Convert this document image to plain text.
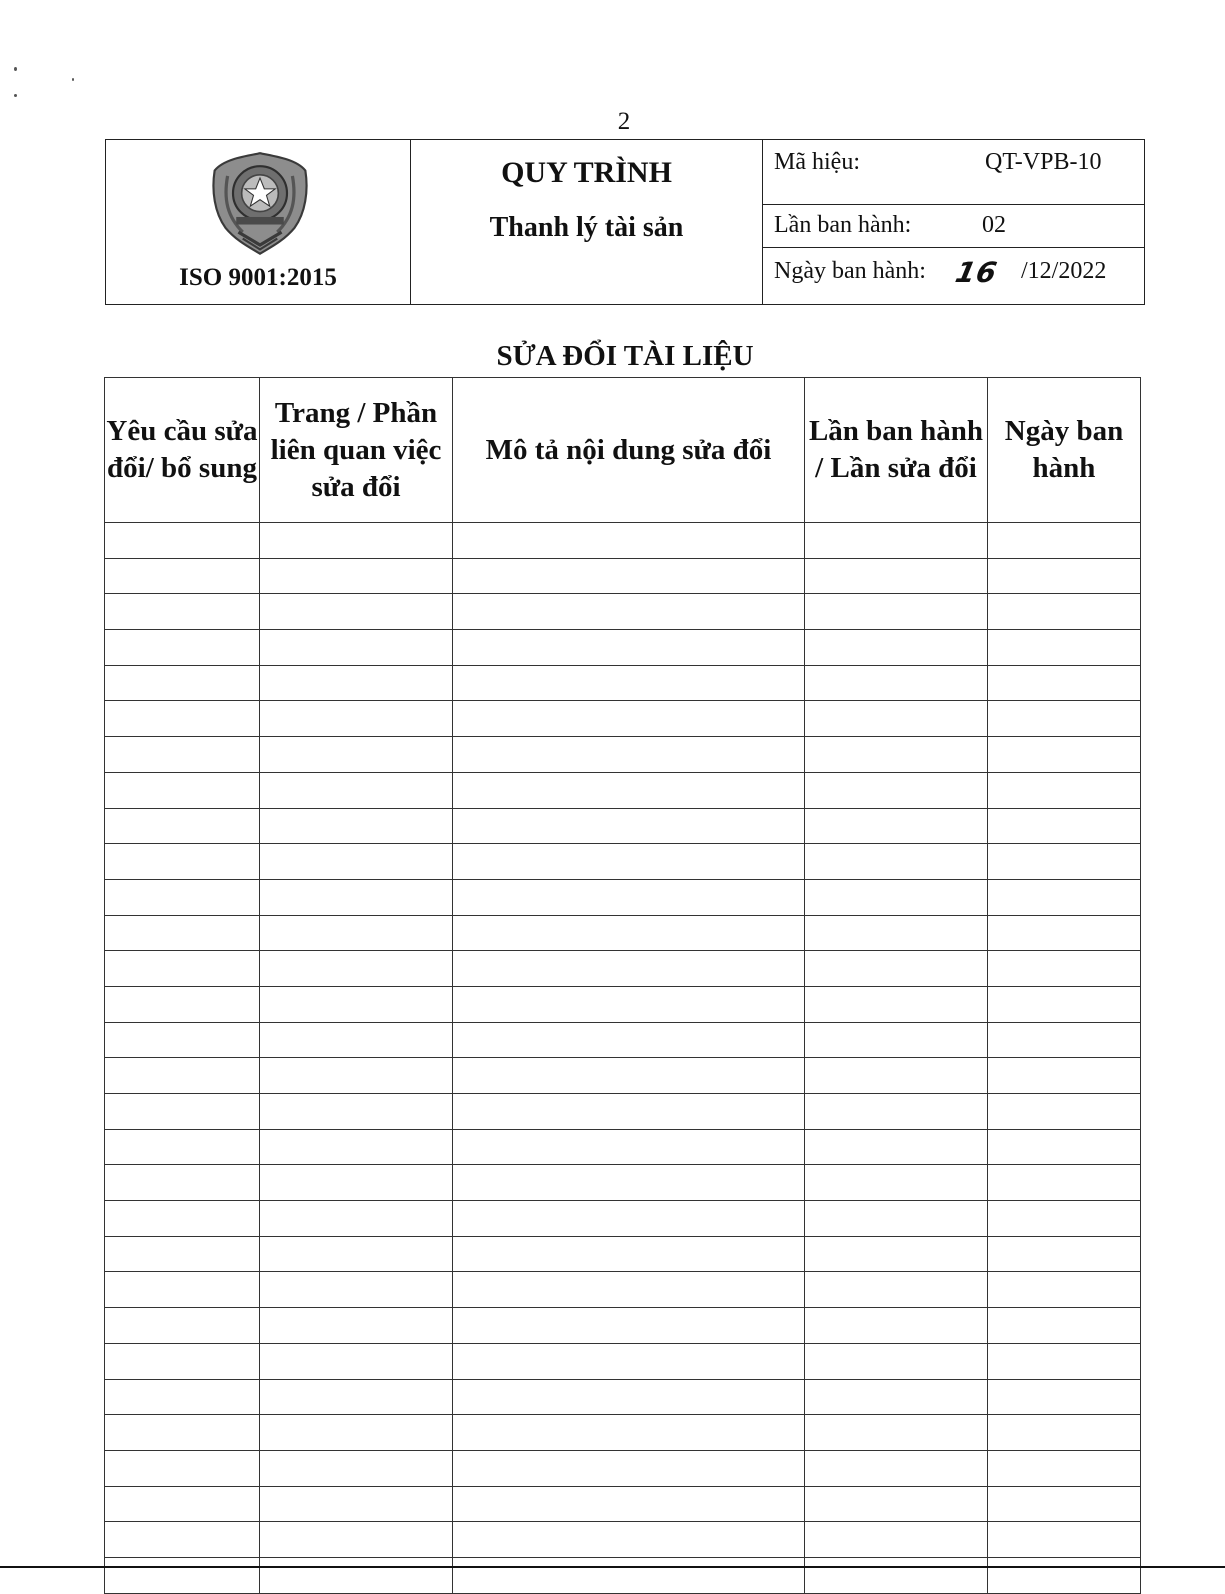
2
ISO 9001:2015
QUY TRÌNH
Thanh lý tài sản
Mã hiệu:	QT-VPB-10
Lần ban hành:	02
Ngày ban hành: 16 /12/2022
SỬA ĐỔI TÀI LIỆU
Yêu cầu sửa đổi/ bổ sung	Trang / Phần liên quan việc sửa đổi	Mô tả nội dung sửa đổi	Lần ban hành / Lần sửa đổi	Ngày ban hành
